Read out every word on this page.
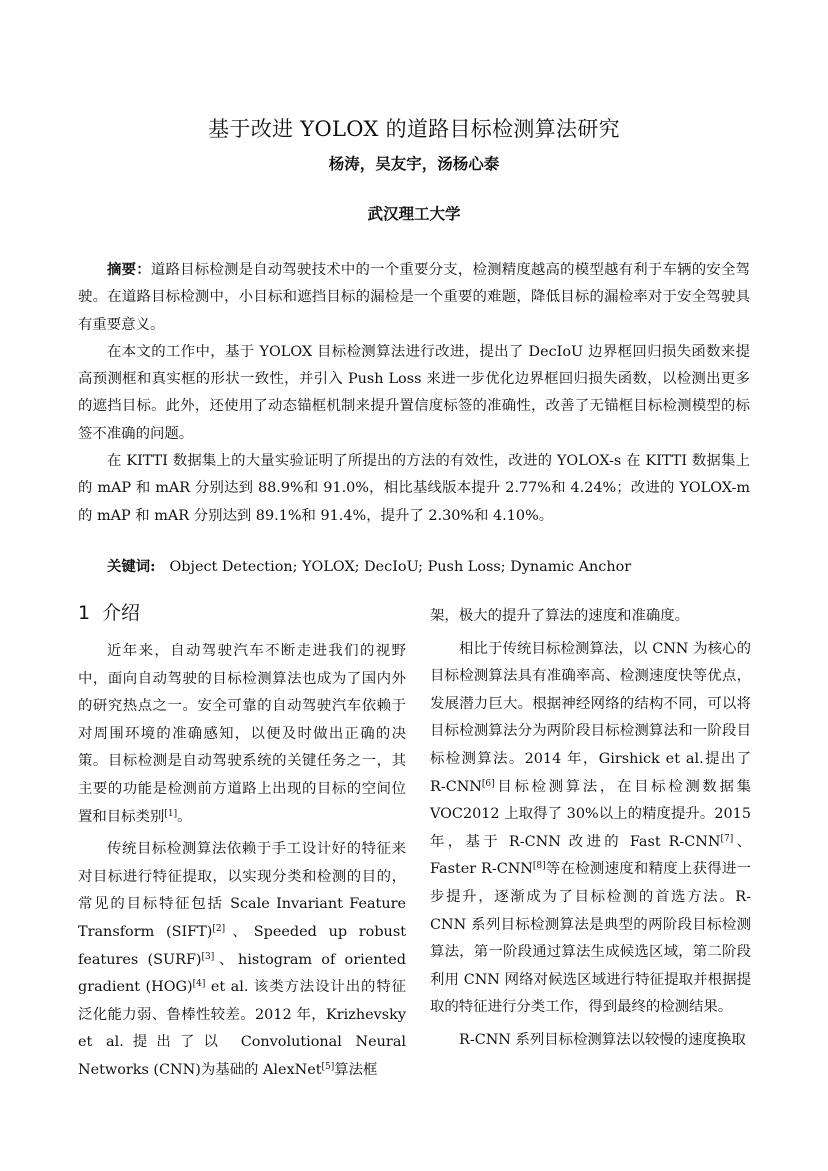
基于改进 YOLOX 的道路目标检测算法研究
杨涛，吴友宇，汤杨心泰
武汉理工大学

摘要：道路目标检测是自动驾驶技术中的一个重要分支，检测精度越高的模型越有利于车辆的安全驾驶。在道路目标检测中，小目标和遮挡目标的漏检是一个重要的难题，降低目标的漏检率对于安全驾驶具有重要意义。

在本文的工作中，基于 YOLOX 目标检测算法进行改进，提出了 DecIoU 边界框回归损失函数来提高预测框和真实框的形状一致性，并引入 Push Loss 来进一步优化边界框回归损失函数，以检测出更多的遮挡目标。此外，还使用了动态锚框机制来提升置信度标签的准确性，改善了无锚框目标检测模型的标签不准确的问题。

在 KITTI 数据集上的大量实验证明了所提出的方法的有效性，改进的 YOLOX-s 在 KITTI 数据集上的 mAP 和 mAR 分别达到 88.9%和 91.0%，相比基线版本提升 2.77%和 4.24%；改进的 YOLOX-m 的 mAP 和 mAR 分别达到 89.1%和 91.4%，提升了 2.30%和 4.10%。

关键词: Object Detection; YOLOX; DecIoU; Push Loss; Dynamic Anchor
1 介绍

近年来，自动驾驶汽车不断走进我们的视野中，面向自动驾驶的目标检测算法也成为了国内外的研究热点之一。安全可靠的自动驾驶汽车依赖于对周围环境的准确感知，以便及时做出正确的决策。目标检测是自动驾驶系统的关键任务之一，其主要的功能是检测前方道路上出现的目标的空间位置和目标类别[1]。

传统目标检测算法依赖于手工设计好的特征来对目标进行特征提取，以实现分类和检测的目的，常见的目标特征包括 Scale Invariant Feature Transform (SIFT)[2]、Speeded up robust features (SURF)[3]、histogram of oriented gradient (HOG)[4] et al. 该类方法设计出的特征泛化能力弱、鲁棒性较差。2012 年，Krizhevsky et al.提出了以 Convolutional Neural Networks (CNN)为基础的 AlexNet[5]算法框

架，极大的提升了算法的速度和准确度。

相比于传统目标检测算法，以 CNN 为核心的目标检测算法具有准确率高、检测速度快等优点，发展潜力巨大。根据神经网络的结构不同，可以将目标检测算法分为两阶段目标检测算法和一阶段目标检测算法。2014 年，Girshick et al.提出了 R-CNN[6]目标检测算法，在目标检测数据集 VOC2012 上取得了 30%以上的精度提升。2015 年，基于 R-CNN 改进的 Fast R-CNN[7]、Faster R-CNN[8]等在检测速度和精度上获得进一步提升，逐渐成为了目标检测的首选方法。R-CNN 系列目标检测算法是典型的两阶段目标检测算法，第一阶段通过算法生成候选区域，第二阶段利用 CNN 网络对候选区域进行特征提取并根据提取的特征进行分类工作，得到最终的检测结果。

R-CNN 系列目标检测算法以较慢的速度换取
